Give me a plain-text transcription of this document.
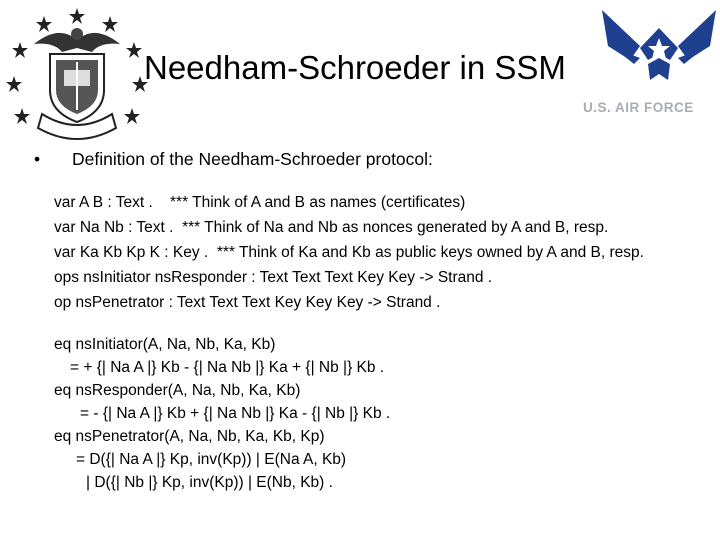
U.S. AIR FORCE
Needham-Schroeder in SSM
• Definition of the Needham-Schroeder protocol:

var A B : Text .    *** Think of A and B as names (certificates)

var Na Nb : Text .  *** Think of Na and Nb as nonces generated by A and B, resp.

var Ka Kb Kp K : Key .  *** Think of Ka and Kb as public keys owned by A and B, resp.

ops nsInitiator nsResponder : Text Text Text Key Key -> Strand .

op nsPenetrator : Text Text Text Key Key Key -> Strand .

eq nsInitiator(A, Na, Nb, Ka, Kb)

= + {| Na A |} Kb - {| Na Nb |} Ka + {| Nb |} Kb .

eq nsResponder(A, Na, Nb, Ka, Kb)

= - {| Na A |} Kb + {| Na Nb |} Ka - {| Nb |} Kb .

eq nsPenetrator(A, Na, Nb, Ka, Kb, Kp)

= D({| Na A |} Kp, inv(Kp)) | E(Na A, Kb)

| D({| Nb |} Kp, inv(Kp)) | E(Nb, Kb) .
